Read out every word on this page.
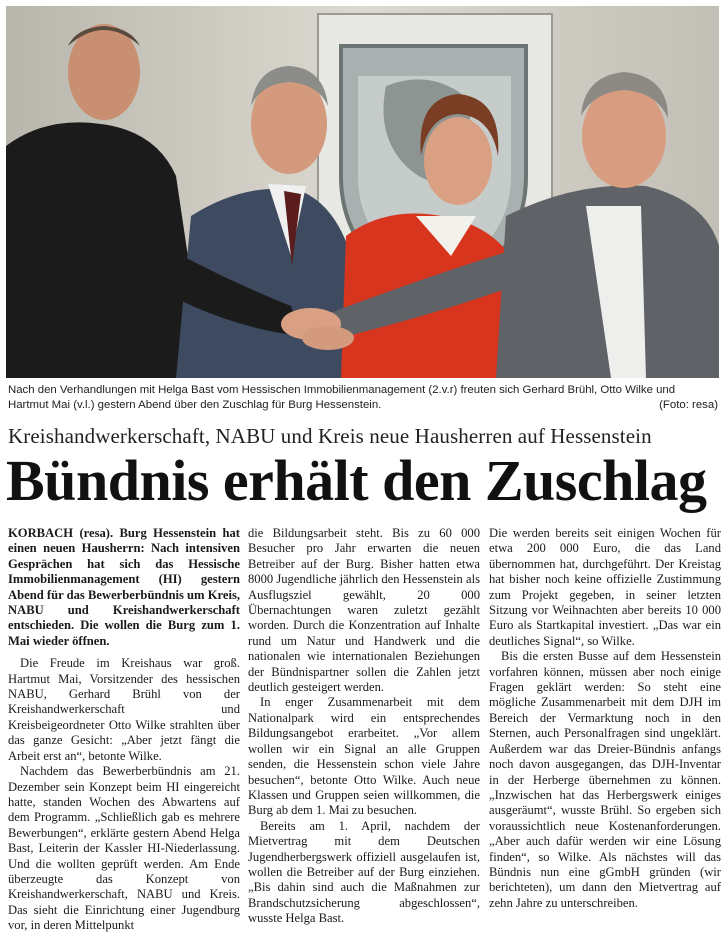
Nach den Verhandlungen mit Helga Bast vom Hessischen Immobilienmanagement (2.v.r) freuten sich Gerhard Brühl, Otto Wilke und Hartmut Mai (v.l.) gestern Abend über den Zuschlag für Burg Hessenstein.	(Foto: resa)
Kreishandwerkerschaft, NABU und Kreis neue Hausherren auf Hessenstein
Bündnis erhält den Zuschlag

KORBACH (resa). Burg Hessenstein hat einen neuen Hausherrn: Nach intensiven Gesprächen hat sich das Hessische Immobilienmanagement (HI) gestern Abend für das Bewerberbündnis um Kreis, NABU und Kreishandwerkerschaft entschieden. Die wollen die Burg zum 1. Mai wieder öffnen.

Die Freude im Kreishaus war groß. Hartmut Mai, Vorsitzender des hessischen NABU, Gerhard Brühl von der Kreishandwerkerschaft und Kreisbeigeordneter Otto Wilke strahlten über das ganze Gesicht: „Aber jetzt fängt die Arbeit erst an“, betonte Wilke.

Nachdem das Bewerberbündnis am 21. Dezember sein Konzept beim HI eingereicht hatte, standen Wochen des Abwartens auf dem Programm. „Schließlich gab es mehrere Bewerbungen“, erklärte gestern Abend Helga Bast, Leiterin der Kassler HI-Niederlassung. Und die wollten geprüft werden. Am Ende überzeugte das Konzept von Kreishandwerkerschaft, NABU und Kreis. Das sieht die Einrichtung einer Jugendburg vor, in deren Mittelpunkt

die Bildungsarbeit steht. Bis zu 60 000 Besucher pro Jahr erwarten die neuen Betreiber auf der Burg. Bisher hatten etwa 8000 Jugendliche jährlich den Hessenstein als Ausflugsziel gewählt, 20 000 Übernachtungen waren zuletzt gezählt worden. Durch die Konzentration auf Inhalte rund um Natur und Handwerk und die nationalen wie internationalen Beziehungen der Bündnispartner sollen die Zahlen jetzt deutlich gesteigert werden.

In enger Zusammenarbeit mit dem Nationalpark wird ein entsprechendes Bildungsangebot erarbeitet. „Vor allem wollen wir ein Signal an alle Gruppen senden, die Hessenstein schon viele Jahre besuchen“, betonte Otto Wilke. Auch neue Klassen und Gruppen seien willkommen, die Burg ab dem 1. Mai zu besuchen.

Bereits am 1. April, nachdem der Mietvertrag mit dem Deutschen Jugendherbergswerk offiziell ausgelaufen ist, wollen die Betreiber auf der Burg einziehen. „Bis dahin sind auch die Maßnahmen zur Brandschutzsicherung abgeschlossen“, wusste Helga Bast.

Die werden bereits seit einigen Wochen für etwa 200 000 Euro, die das Land übernommen hat, durchgeführt. Der Kreistag hat bisher noch keine offizielle Zustimmung zum Projekt gegeben, in seiner letzten Sitzung vor Weihnachten aber bereits 10 000 Euro als Startkapital investiert. „Das war ein deutliches Signal“, so Wilke.

Bis die ersten Busse auf dem Hessenstein vorfahren können, müssen aber noch einige Fragen geklärt werden: So steht eine mögliche Zusammenarbeit mit dem DJH im Bereich der Vermarktung noch in den Sternen, auch Personalfragen sind ungeklärt. Außerdem war das Dreier-Bündnis anfangs noch davon ausgegangen, das DJH-Inventar in der Herberge übernehmen zu können. „Inzwischen hat das Herbergswerk einiges ausgeräumt“, wusste Brühl. So ergeben sich voraussichtlich neue Kostenanforderungen. „Aber auch dafür werden wir eine Lösung finden“, so Wilke. Als nächstes will das Bündnis nun eine gGmbH gründen (wir berichteten), um dann den Mietvertrag auf zehn Jahre zu unterschreiben.
